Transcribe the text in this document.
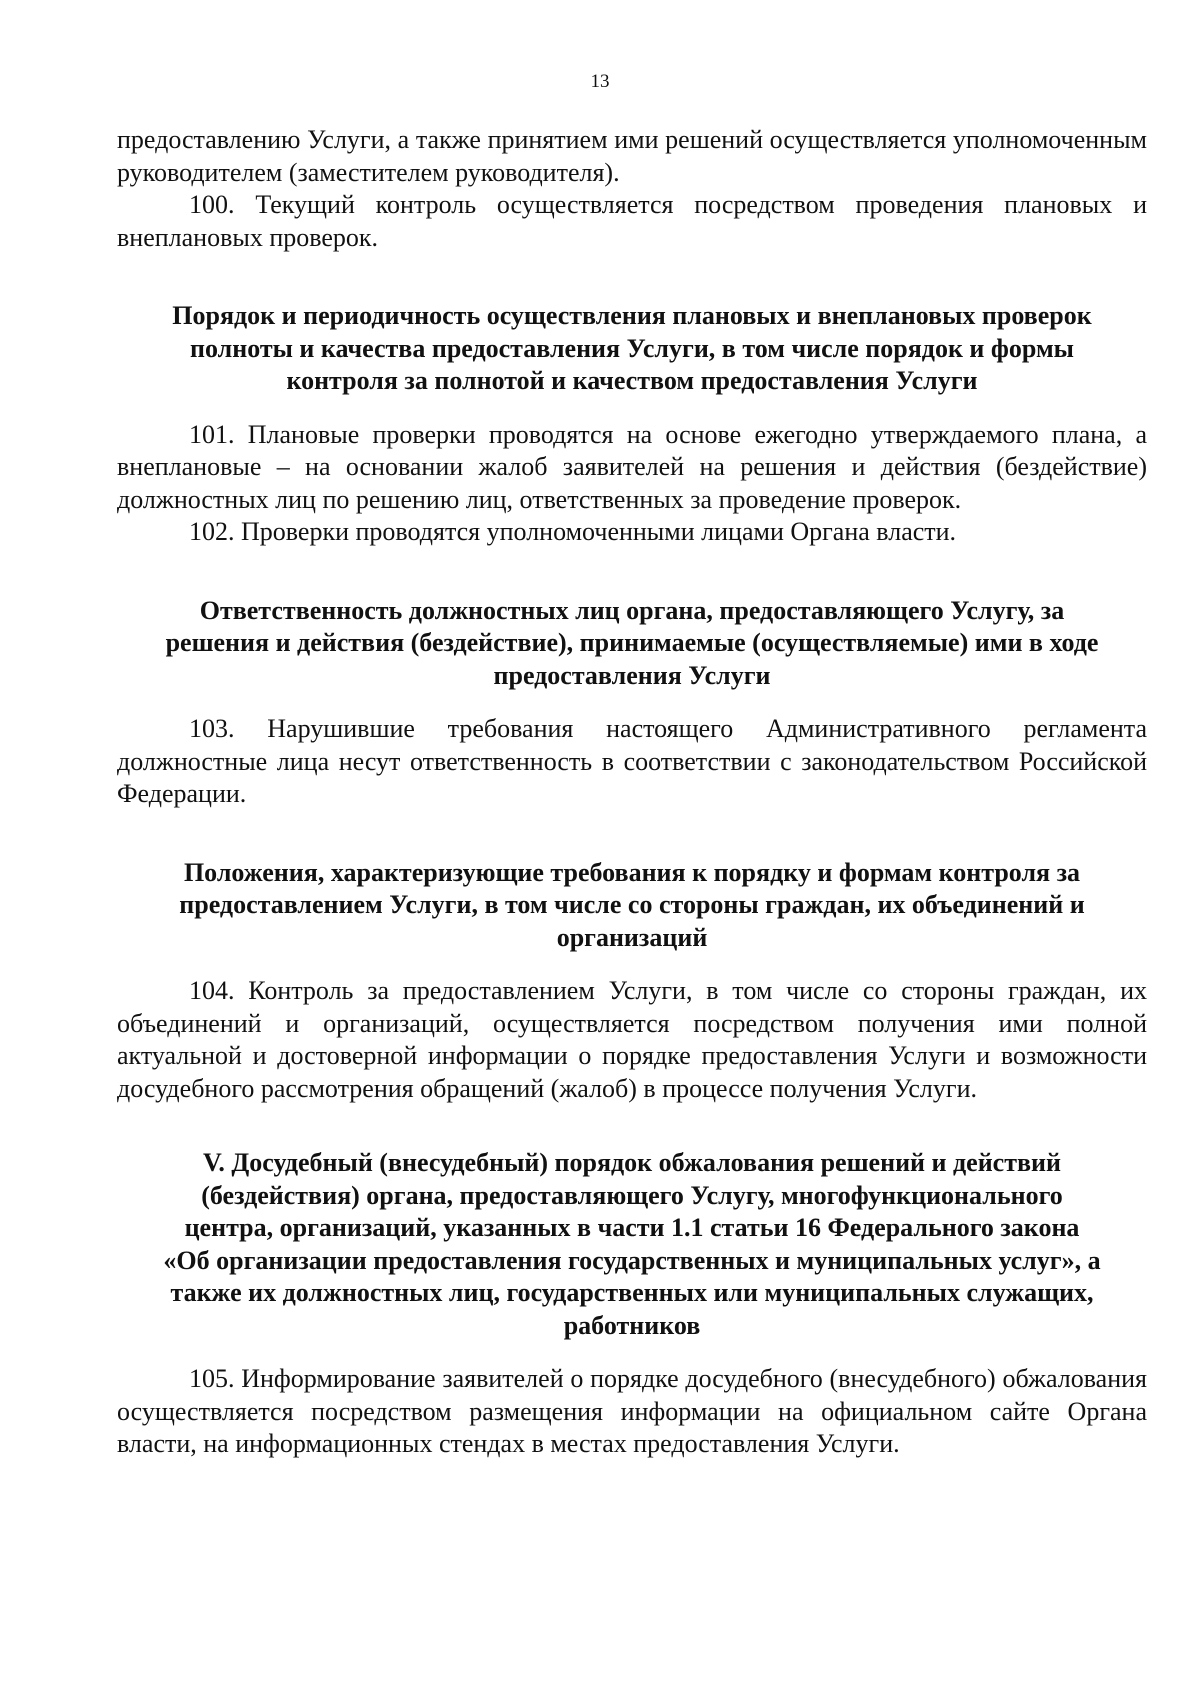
13

предоставлению Услуги, а также принятием ими решений осуществляется уполномоченным руководителем (заместителем руководителя).

100. Текущий контроль осуществляется посредством проведения плановых и внеплановых проверок.

Порядок и периодичность осуществления плановых и внеплановых проверок
полноты и качества предоставления Услуги, в том числе порядок и формы
контроля за полнотой и качеством предоставления Услуги

101. Плановые проверки проводятся на основе ежегодно утверждаемого плана, а внеплановые – на основании жалоб заявителей на решения и действия (бездействие) должностных лиц по решению лиц, ответственных за проведение проверок.

102. Проверки проводятся уполномоченными лицами Органа власти.

Ответственность должностных лиц органа, предоставляющего Услугу, за
решения и действия (бездействие), принимаемые (осуществляемые) ими в ходе
предоставления Услуги

103. Нарушившие требования настоящего Административного регламента должностные лица несут ответственность в соответствии с законодательством Российской Федерации.

Положения, характеризующие требования к порядку и формам контроля за
предоставлением Услуги, в том числе со стороны граждан, их объединений и
организаций

104. Контроль за предоставлением Услуги, в том числе со стороны граждан, их объединений и организаций, осуществляется посредством получения ими полной актуальной и достоверной информации о порядке предоставления Услуги и возможности досудебного рассмотрения обращений (жалоб) в процессе получения Услуги.

V. Досудебный (внесудебный) порядок обжалования решений и действий
(бездействия) органа, предоставляющего Услугу, многофункционального
центра, организаций, указанных в части 1.1 статьи 16 Федерального закона
«Об организации предоставления государственных и муниципальных услуг», а
также их должностных лиц, государственных или муниципальных служащих,
работников

105. Информирование заявителей о порядке досудебного (внесудебного) обжалования осуществляется посредством размещения информации на официальном сайте Органа власти, на информационных стендах в местах предоставления Услуги.
